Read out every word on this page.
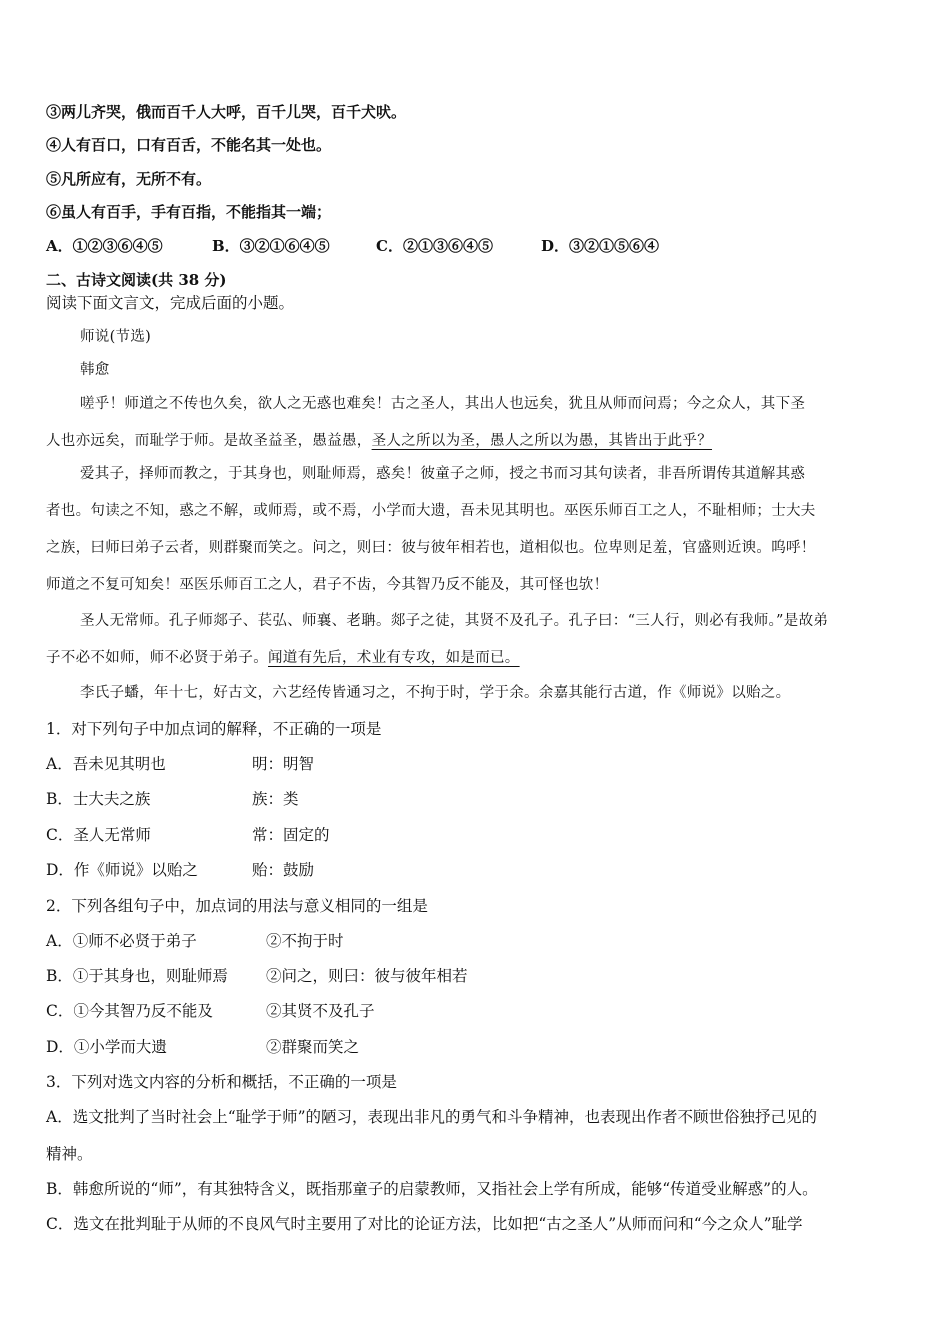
③两儿齐哭，俄而百千人大呼，百千儿哭，百千犬吠。
④人有百口，口有百舌，不能名其一处也。
⑤凡所应有，无所不有。
⑥虽人有百手，手有百指，不能指其一端；
A．①②③⑥④⑤	B．③②①⑥④⑤	C．②①③⑥④⑤	D．③②①⑤⑥④
二、古诗文阅读(共 38 分)
阅读下面文言文，完成后面的小题。
师说(节选)
韩愈
嗟乎！师道之不传也久矣，欲人之无惑也难矣！古之圣人，其出人也远矣，犹且从师而问焉；今之众人，其下圣
人也亦远矣，而耻学于师。是故圣益圣，愚益愚，圣人之所以为圣，愚人之所以为愚，其皆出于此乎？
爱其子，择师而教之，于其身也，则耻师焉，惑矣！彼童子之师，授之书而习其句读者，非吾所谓传其道解其惑
者也。句读之不知，惑之不解，或师焉，或不焉，小学而大遗，吾未见其明也。巫医乐师百工之人，不耻相师；士大夫
之族，曰师曰弟子云者，则群聚而笑之。问之，则曰：彼与彼年相若也，道相似也。位卑则足羞，官盛则近谀。呜呼！
师道之不复可知矣！巫医乐师百工之人，君子不齿，今其智乃反不能及，其可怪也欤！
圣人无常师。孔子师郯子、苌弘、师襄、老聃。郯子之徒，其贤不及孔子。孔子曰：“三人行，则必有我师。”是故弟
子不必不如师，师不必贤于弟子。闻道有先后，术业有专攻，如是而已。
李氏子蟠，年十七，好古文，六艺经传皆通习之，不拘于时，学于余。余嘉其能行古道，作《师说》以贻之。
1．对下列句子中加点词的解释，不正确的一项是
A．吾未见其明也	明：明智
B．士大夫之族	族：类
C．圣人无常师	常：固定的
D．作《师说》以贻之	贻：鼓励
2．下列各组句子中，加点词的用法与意义相同的一组是
A．①师不必贤于弟子	②不拘于时
B．①于其身也，则耻师焉 ②问之，则曰：彼与彼年相若
C．①今其智乃反不能及	②其贤不及孔子
D．①小学而大遗	②群聚而笑之
3．下列对选文内容的分析和概括，不正确的一项是
A．选文批判了当时社会上“耻学于师”的陋习，表现出非凡的勇气和斗争精神，也表现出作者不顾世俗独抒己见的
精神。
B．韩愈所说的“师”，有其独特含义，既指那童子的启蒙教师，又指社会上学有所成，能够“传道受业解惑”的人。
C．选文在批判耻于从师的不良风气时主要用了对比的论证方法，比如把“古之圣人”从师而问和“今之众人”耻学
